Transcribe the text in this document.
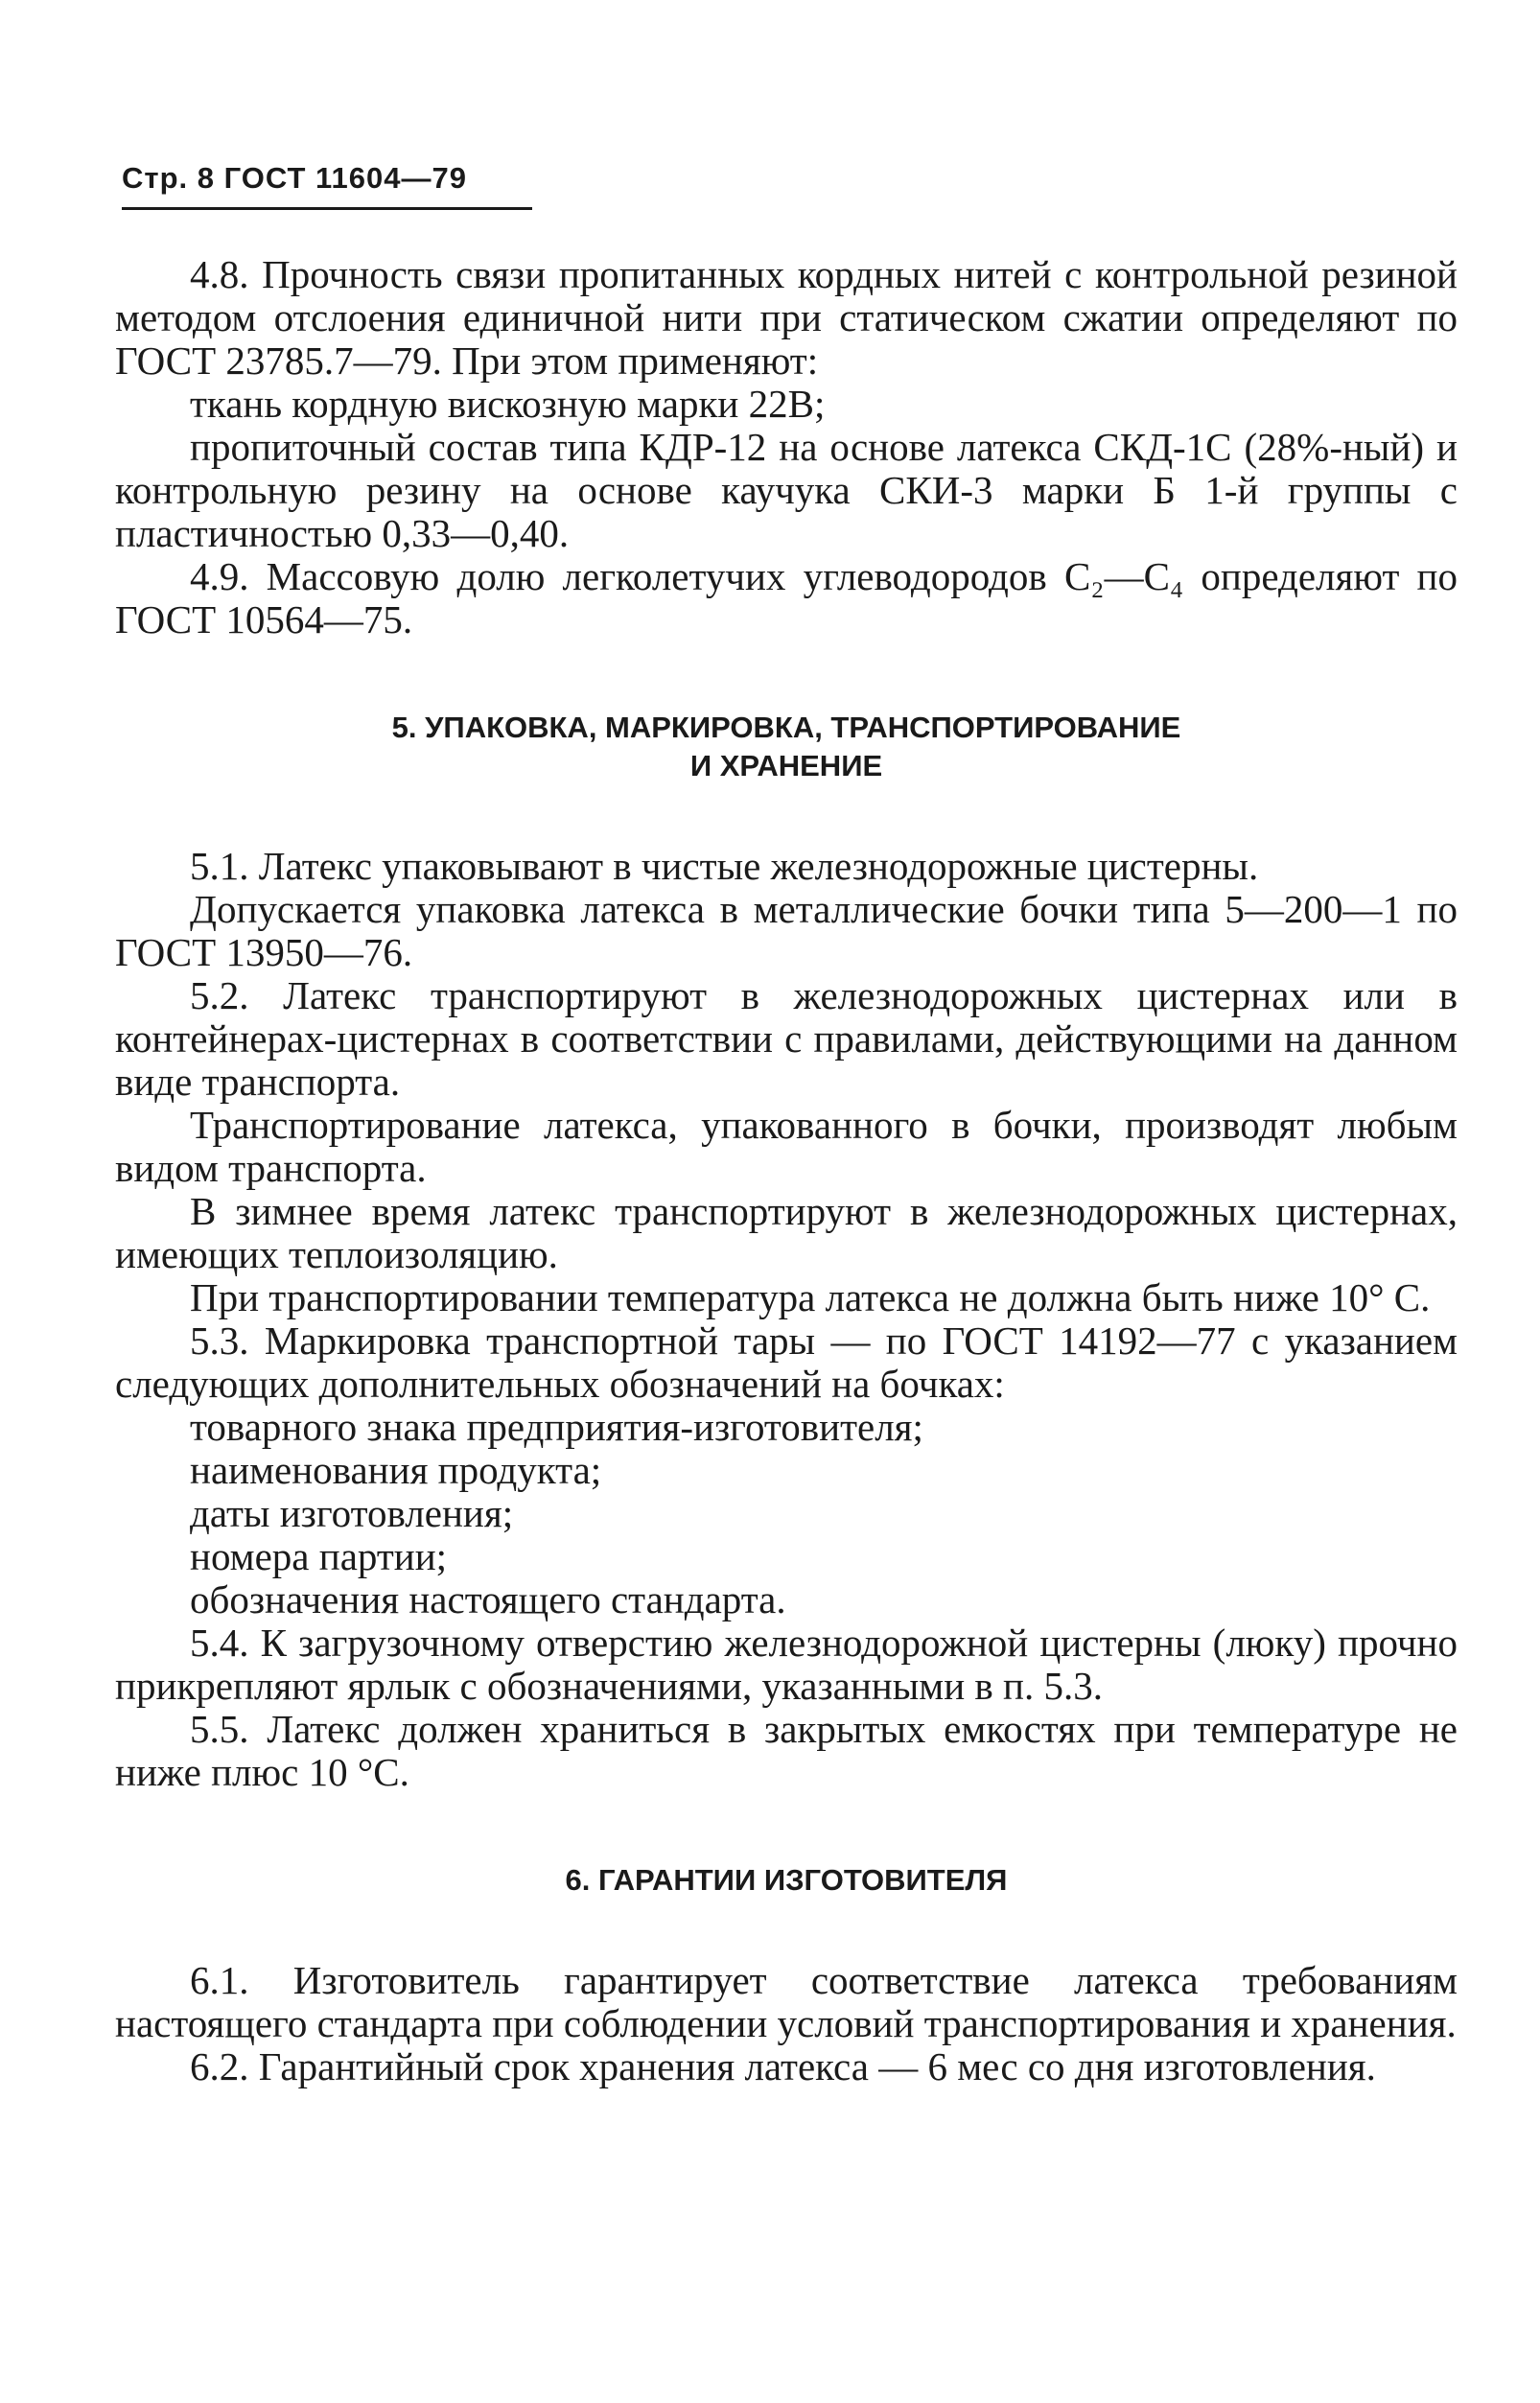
Стр. 8 ГОСТ 11604—79

4.8. Прочность связи пропитанных кордных нитей с контрольной резиной методом отслоения единичной нити при статическом сжатии определяют по ГОСТ 23785.7—79. При этом применяют:

ткань кордную вискозную марки 22В;

пропиточный состав типа КДР-12 на основе латекса СКД-1С (28%-ный) и контрольную резину на основе каучука СКИ-3 марки Б 1-й группы с пластичностью 0,33—0,40.

4.9. Массовую долю легколетучих углеводородов С₂—С₄ определяют по ГОСТ 10564—75.

5. УПАКОВКА, МАРКИРОВКА, ТРАНСПОРТИРОВАНИЕ
И ХРАНЕНИЕ

5.1. Латекс упаковывают в чистые железнодорожные цистерны.

Допускается упаковка латекса в металлические бочки типа 5—200—1 по ГОСТ 13950—76.

5.2. Латекс транспортируют в железнодорожных цистернах или в контейнерах-цистернах в соответствии с правилами, действующими на данном виде транспорта.

Транспортирование латекса, упакованного в бочки, производят любым видом транспорта.

В зимнее время латекс транспортируют в железнодорожных цистернах, имеющих теплоизоляцию.

При транспортировании температура латекса не должна быть ниже 10° С.

5.3. Маркировка транспортной тары — по ГОСТ 14192—77 с указанием следующих дополнительных обозначений на бочках:

товарного знака предприятия-изготовителя;

наименования продукта;

даты изготовления;

номера партии;

обозначения настоящего стандарта.

5.4. К загрузочному отверстию железнодорожной цистерны (люку) прочно прикрепляют ярлык с обозначениями, указанными в п. 5.3.

5.5. Латекс должен храниться в закрытых емкостях при температуре не ниже плюс 10 °С.

6. ГАРАНТИИ ИЗГОТОВИТЕЛЯ

6.1. Изготовитель гарантирует соответствие латекса требованиям настоящего стандарта при соблюдении условий транспортирования и хранения.

6.2. Гарантийный срок хранения латекса — 6 мес со дня изготовления.
